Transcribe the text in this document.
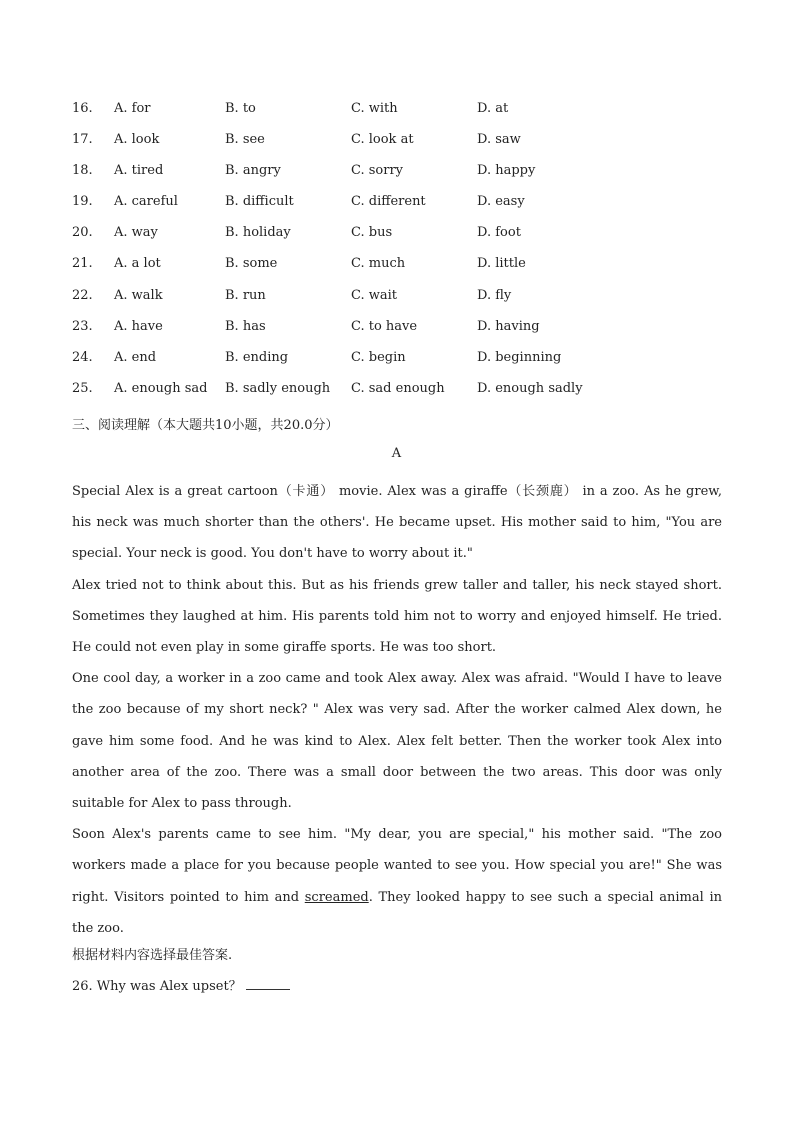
16. A. for	B. to	C. with	D. at
17. A. look	B. see	C. look at	D. saw
18. A. tired	B. angry	C. sorry	D. happy
19. A. careful	B. difficult	C. different	D. easy
20. A. way	B. holiday	C. bus	D. foot
21. A. a lot	B. some	C. much	D. little
22. A. walk	B. run	C. wait	D. fly
23. A. have	B. has	C. to have	D. having
24. A. end	B. ending	C. begin	D. beginning
25. A. enough sad B. sadly enough C. sad enough D. enough sadly
三、阅读理解（本大题共10小题，共20.0分）
A

Special Alex is a great cartoon（卡通） movie. Alex was a giraffe（长颈鹿） in a zoo. As he grew, his neck was much shorter than the others'. He became upset. His mother said to him, "You are special. Your neck is good. You don't have to worry about it."

Alex tried not to think about this. But as his friends grew taller and taller, his neck stayed short. Sometimes they laughed at him. His parents told him not to worry and enjoyed himself. He tried. He could not even play in some giraffe sports. He was too short.

One cool day, a worker in a zoo came and took Alex away. Alex was afraid. "Would I have to leave the zoo because of my short neck? " Alex was very sad. After the worker calmed Alex down, he gave him some food. And he was kind to Alex. Alex felt better. Then the worker took Alex into another area of the zoo. There was a small door between the two areas. This door was only suitable for Alex to pass through.

Soon Alex's parents came to see him. "My dear, you are special," his mother said. "The zoo workers made a place for you because people wanted to see you. How special you are!" She was right. Visitors pointed to him and screamed. They looked happy to see such a special animal in the zoo.

根据材料内容选择最佳答案.
26. Why was Alex upset？
